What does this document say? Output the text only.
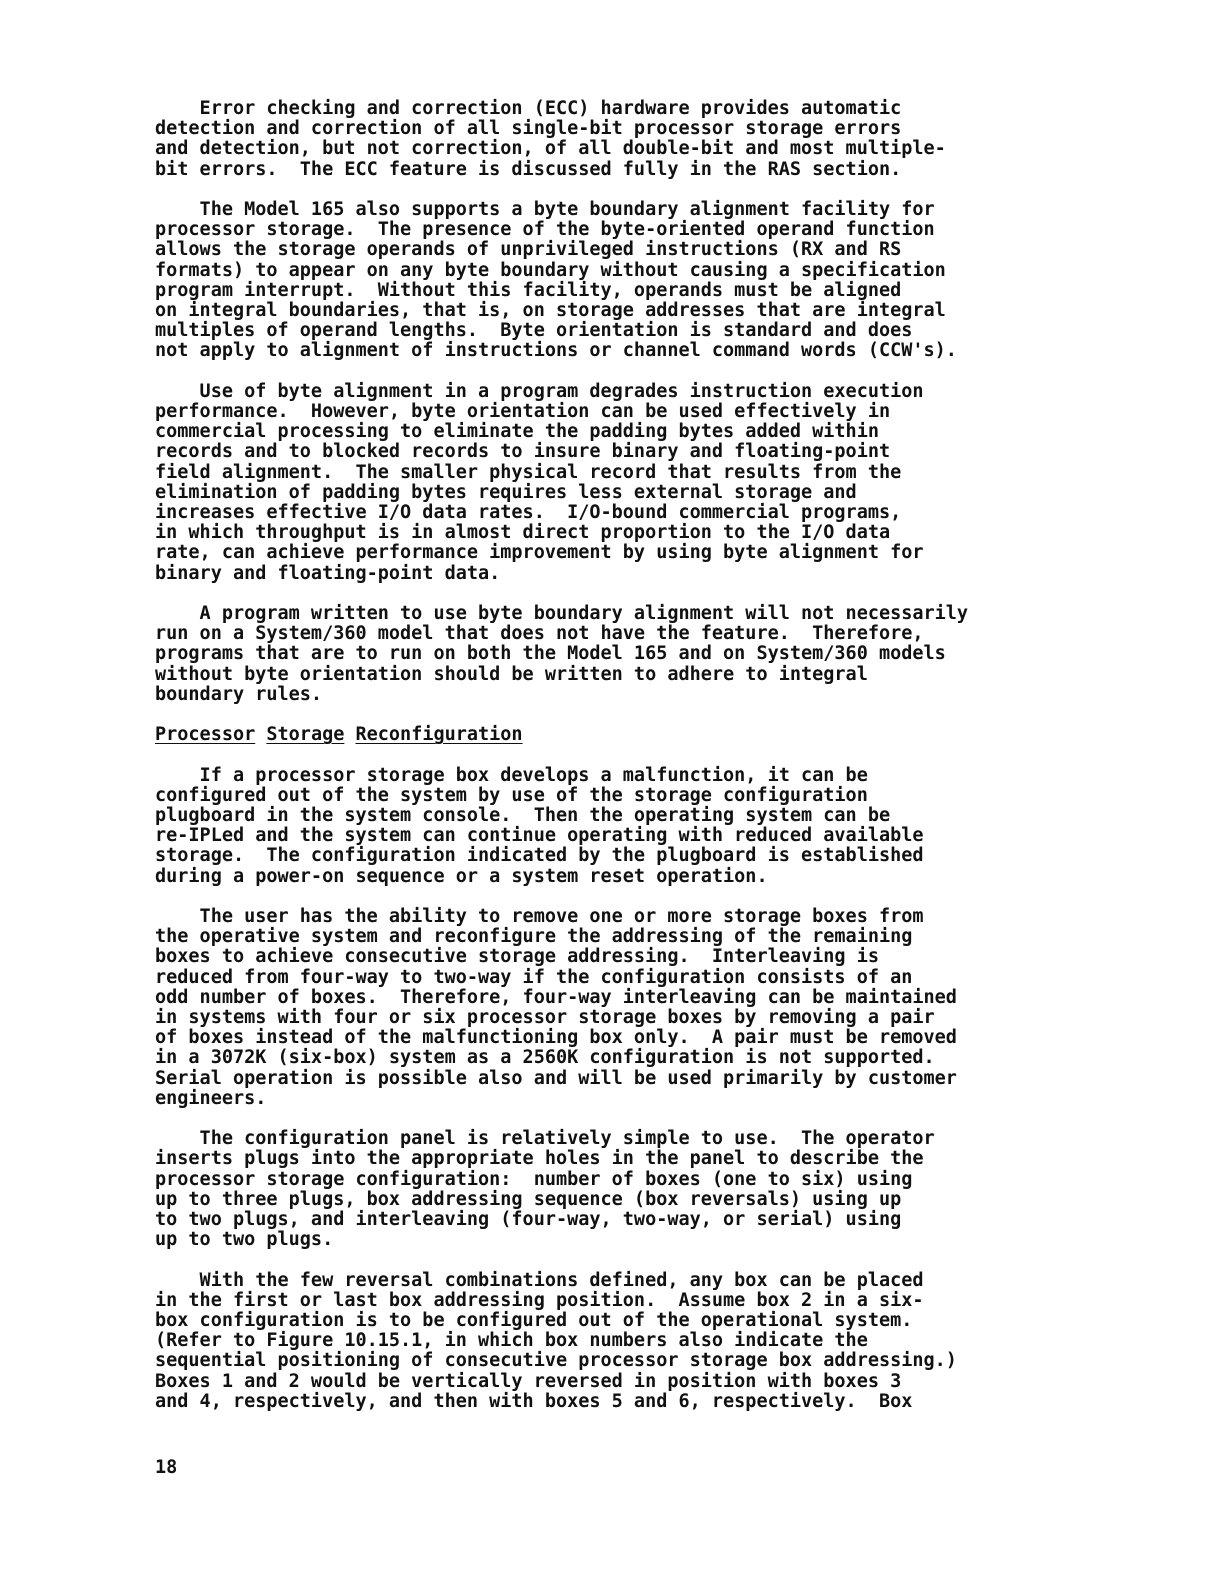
Error checking and correction (ECC) hardware provides automatic
detection and correction of all single-bit processor storage errors
and detection, but not correction, of all double-bit and most multiple-
bit errors.  The ECC feature is discussed fully in the RAS section.
The Model 165 also supports a byte boundary alignment facility for
processor storage.  The presence of the byte-oriented operand function
allows the storage operands of unprivileged instructions (RX and RS
formats) to appear on any byte boundary without causing a specification
program interrupt.  Without this facility, operands must be aligned
on integral boundaries, that is, on storage addresses that are integral
multiples of operand lengths.  Byte orientation is standard and does
not apply to alignment of instructions or channel command words (CCW's).
Use of byte alignment in a program degrades instruction execution
performance.  However, byte orientation can be used effectively in
commercial processing to eliminate the padding bytes added within
records and to blocked records to insure binary and floating-point
field alignment.  The smaller physical record that results from the
elimination of padding bytes requires less external storage and
increases effective I/O data rates.  I/O-bound commercial programs,
in which throughput is in almost direct proportion to the I/O data
rate, can achieve performance improvement by using byte alignment for
binary and floating-point data.
A program written to use byte boundary alignment will not necessarily
run on a System/360 model that does not have the feature.  Therefore,
programs that are to run on both the Model 165 and on System/360 models
without byte orientation should be written to adhere to integral
boundary rules.
Processor Storage Reconfiguration
If a processor storage box develops a malfunction, it can be
configured out of the system by use of the storage configuration
plugboard in the system console.  Then the operating system can be
re-IPLed and the system can continue operating with reduced available
storage.  The configuration indicated by the plugboard is established
during a power-on sequence or a system reset operation.
The user has the ability to remove one or more storage boxes from
the operative system and reconfigure the addressing of the remaining
boxes to achieve consecutive storage addressing.  Interleaving is
reduced from four-way to two-way if the configuration consists of an
odd number of boxes.  Therefore, four-way interleaving can be maintained
in systems with four or six processor storage boxes by removing a pair
of boxes instead of the malfunctioning box only.  A pair must be removed
in a 3072K (six-box) system as a 2560K configuration is not supported.
Serial operation is possible also and will be used primarily by customer
engineers.
The configuration panel is relatively simple to use.  The operator
inserts plugs into the appropriate holes in the panel to describe the
processor storage configuration:  number of boxes (one to six) using
up to three plugs, box addressing sequence (box reversals) using up
to two plugs, and interleaving (four-way, two-way, or serial) using
up to two plugs.
With the few reversal combinations defined, any box can be placed
in the first or last box addressing position.  Assume box 2 in a six-
box configuration is to be configured out of the operational system.
(Refer to Figure 10.15.1, in which box numbers also indicate the
sequential positioning of consecutive processor storage box addressing.)
Boxes 1 and 2 would be vertically reversed in position with boxes 3
and 4, respectively, and then with boxes 5 and 6, respectively.  Box
18
